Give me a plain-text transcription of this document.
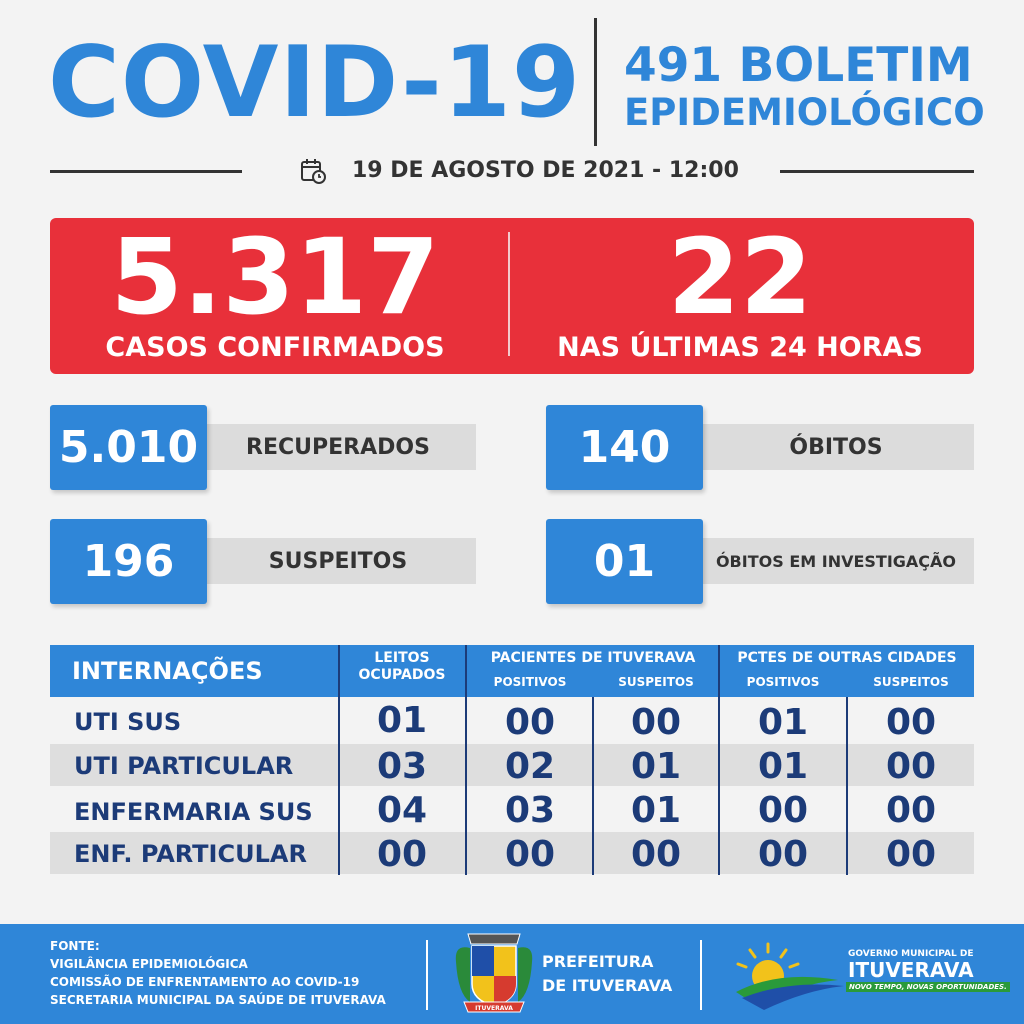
COVID-19 491 BOLETIM
EPIDEMIOLÓGICO
19 DE AGOSTO DE 2021 - 12:00
5.317
CASOS CONFIRMADOS
22
NAS ÚLTIMAS 24 HORAS
RECUPERADOS
5.010	ÓBITOS
140
SUSPEITOS
196	ÓBITOS EM INVESTIGAÇÃO
01
INTERNAÇÕES	LEITOS
OCUPADOS
PACIENTES DE ITUVERAVA	PCTES DE OUTRAS CIDADES
POSITIVOS	SUSPEITOS	POSITIVOS	SUSPEITOS
UTI SUS	01	00	00	01	00
UTI PARTICULAR	03	02	01	01	00
ENFERMARIA SUS	04	03	01	00	00
ENF. PARTICULAR	00	00	00	00	00
FONTE:
VIGILÂNCIA EPIDEMIOLÓGICA
COMISSÃO DE ENFRENTAMENTO AO COVID-19
SECRETARIA MUNICIPAL DA SAÚDE DE ITUVERAVA
ITUVERAVA
PREFEITURA
DE ITUVERAVA
GOVERNO MUNICIPAL DE
ITUVERAVA
NOVO TEMPO, NOVAS OPORTUNIDADES.
